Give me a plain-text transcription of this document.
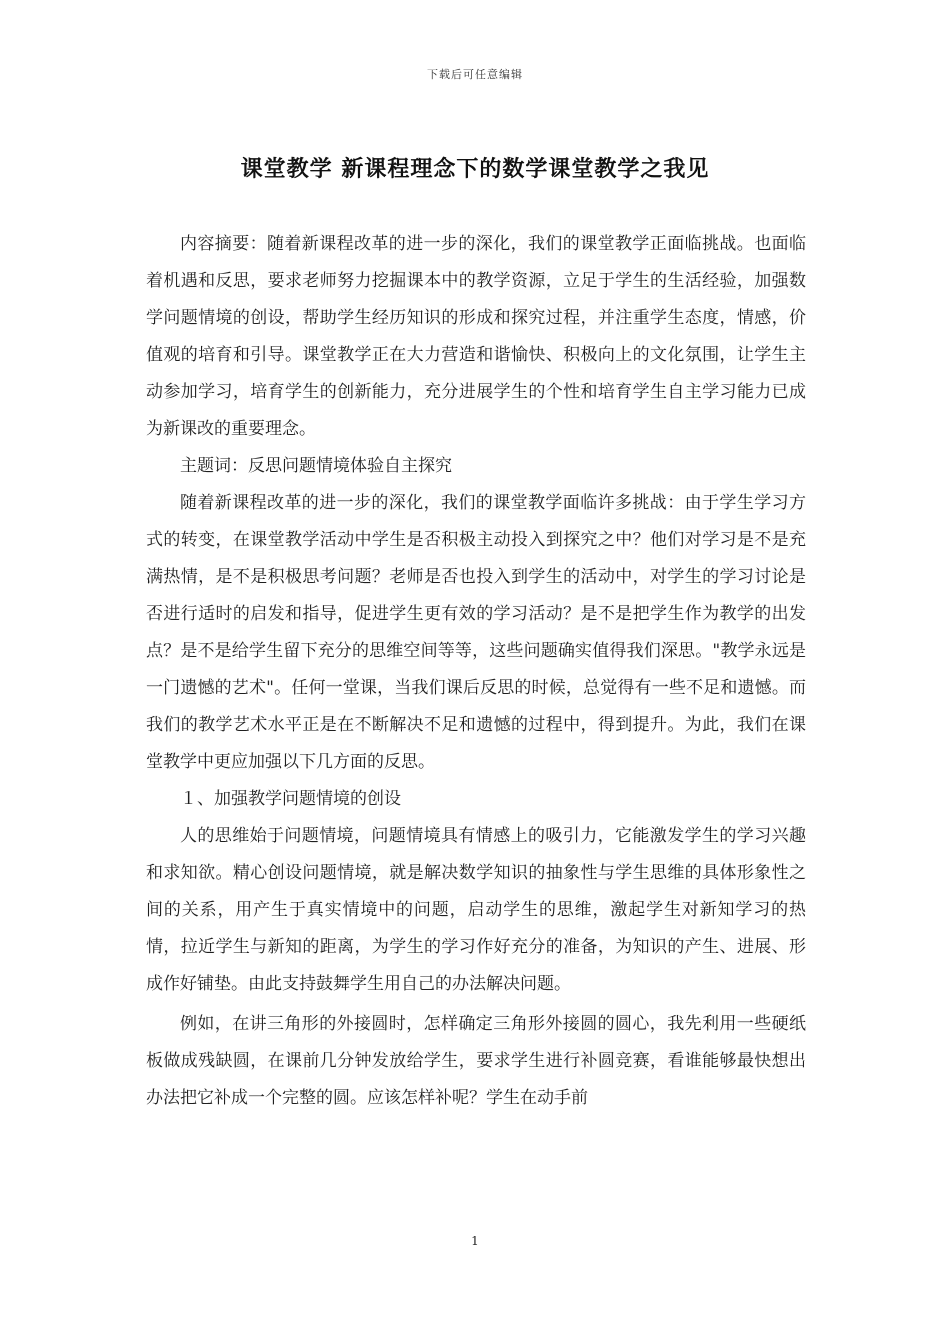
下载后可任意编辑
课堂教学 新课程理念下的数学课堂教学之我见

内容摘要：随着新课程改革的进一步的深化，我们的课堂教学正面临挑战。也面临着机遇和反思，要求老师努力挖掘课本中的教学资源，立足于学生的生活经验，加强数学问题情境的创设，帮助学生经历知识的形成和探究过程，并注重学生态度，情感，价值观的培育和引导。课堂教学正在大力营造和谐愉快、积极向上的文化氛围，让学生主动参加学习，培育学生的创新能力，充分进展学生的个性和培育学生自主学习能力已成为新课改的重要理念。

主题词：反思问题情境体验自主探究

随着新课程改革的进一步的深化，我们的课堂教学面临许多挑战：由于学生学习方式的转变，在课堂教学活动中学生是否积极主动投入到探究之中？他们对学习是不是充满热情，是不是积极思考问题？老师是否也投入到学生的活动中，对学生的学习讨论是否进行适时的启发和指导，促进学生更有效的学习活动？是不是把学生作为教学的出发点？是不是给学生留下充分的思维空间等等，这些问题确实值得我们深思。"教学永远是一门遗憾的艺术"。任何一堂课，当我们课后反思的时候，总觉得有一些不足和遗憾。而我们的教学艺术水平正是在不断解决不足和遗憾的过程中，得到提升。为此，我们在课堂教学中更应加强以下几方面的反思。

１、加强教学问题情境的创设

人的思维始于问题情境，问题情境具有情感上的吸引力，它能激发学生的学习兴趣和求知欲。精心创设问题情境，就是解决数学知识的抽象性与学生思维的具体形象性之间的关系，用产生于真实情境中的问题，启动学生的思维，激起学生对新知学习的热情，拉近学生与新知的距离，为学生的学习作好充分的准备，为知识的产生、进展、形成作好铺垫。由此支持鼓舞学生用自己的办法解决问题。

例如，在讲三角形的外接圆时，怎样确定三角形外接圆的圆心，我先利用一些硬纸板做成残缺圆，在课前几分钟发放给学生，要求学生进行补圆竞赛，看谁能够最快想出办法把它补成一个完整的圆。应该怎样补呢？学生在动手前

1
